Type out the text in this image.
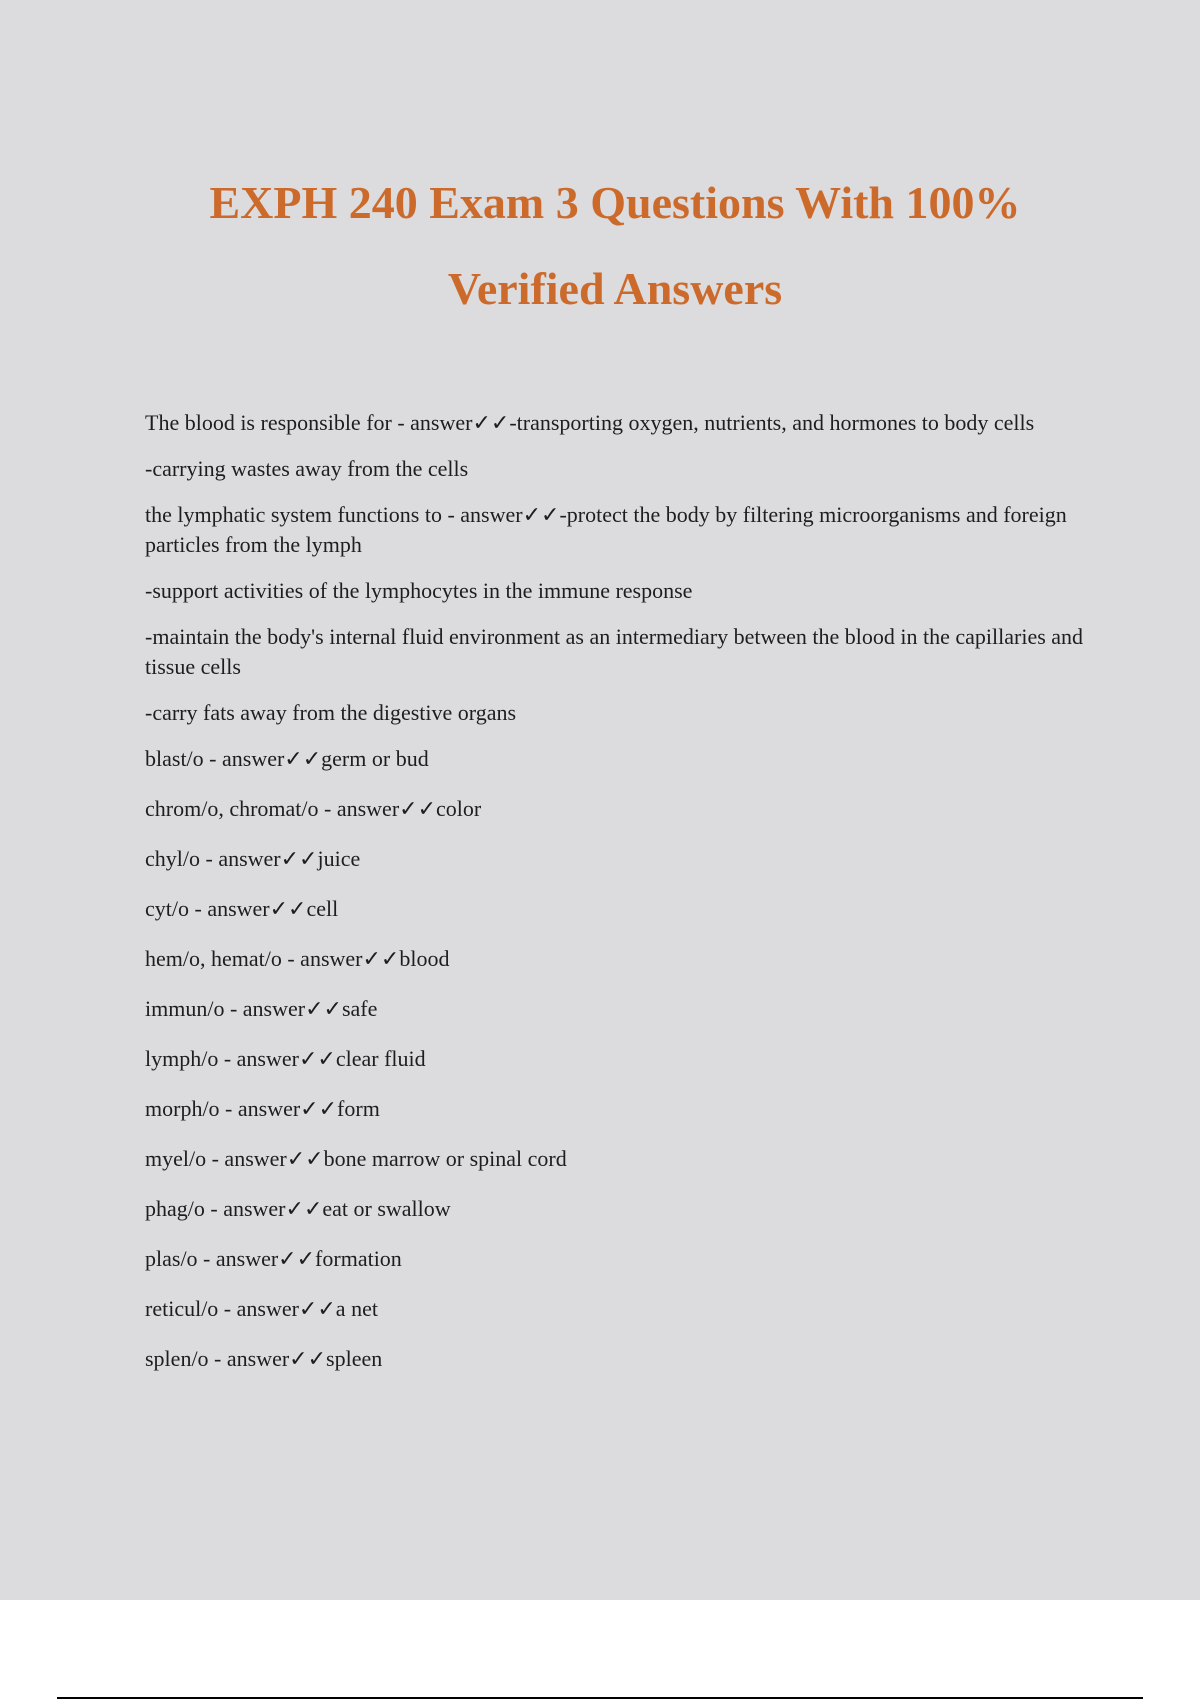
EXPH 240 Exam 3 Questions With 100%
Verified Answers

The blood is responsible for - answer✓✓-transporting oxygen, nutrients, and hormones to body cells

-carrying wastes away from the cells

the lymphatic system functions to - answer✓✓-protect the body by filtering microorganisms and foreign particles from the lymph

-support activities of the lymphocytes in the immune response

-maintain the body's internal fluid environment as an intermediary between the blood in the capillaries and tissue cells

-carry fats away from the digestive organs

blast/o - answer✓✓germ or bud

chrom/o, chromat/o - answer✓✓color

chyl/o - answer✓✓juice

cyt/o - answer✓✓cell

hem/o, hemat/o - answer✓✓blood

immun/o - answer✓✓safe

lymph/o - answer✓✓clear fluid

morph/o - answer✓✓form

myel/o - answer✓✓bone marrow or spinal cord

phag/o - answer✓✓eat or swallow

plas/o - answer✓✓formation

reticul/o - answer✓✓a net

splen/o - answer✓✓spleen
